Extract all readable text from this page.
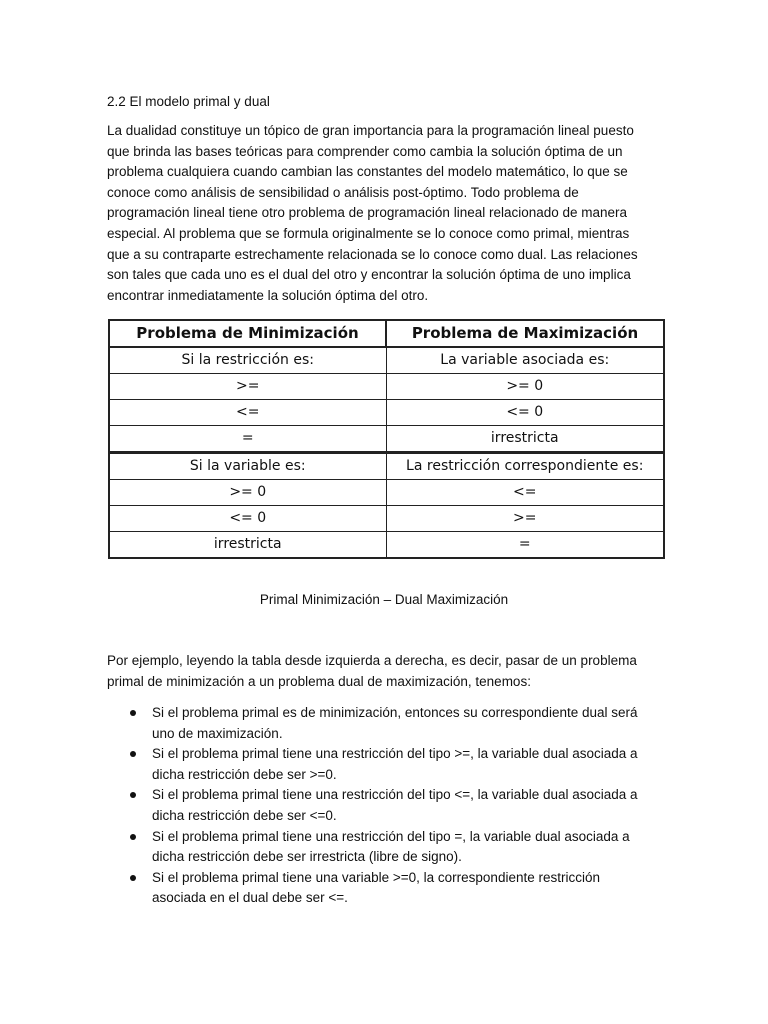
2.2 El modelo primal y dual

La dualidad constituye un tópico de gran importancia para la programación lineal puesto que brinda las bases teóricas para comprender como cambia la solución óptima de un problema cualquiera cuando cambian las constantes del modelo matemático, lo que se conoce como análisis de sensibilidad o análisis post-óptimo. Todo problema de programación lineal tiene otro problema de programación lineal relacionado de manera especial. Al problema que se formula originalmente se lo conoce como primal, mientras que a su contraparte estrechamente relacionada se lo conoce como dual. Las relaciones son tales que cada uno es el dual del otro y encontrar la solución óptima de uno implica encontrar inmediatamente la solución óptima del otro.

Problema de Minimización	Problema de Maximización
Si la restricción es:	La variable asociada es:
>=	>= 0
<=	<= 0
=	irrestricta
Si la variable es:	La restricción correspondiente es:
>= 0	<=
<= 0	>=
irrestricta	=
Primal Minimización – Dual Maximización

Por ejemplo, leyendo la tabla desde izquierda a derecha, es decir, pasar de un problema primal de minimización a un problema dual de maximización, tenemos:

Si el problema primal es de minimización, entonces su correspondiente dual será uno de maximización.
Si el problema primal tiene una restricción del tipo >=, la variable dual asociada a dicha restricción debe ser >=0.
Si el problema primal tiene una restricción del tipo <=, la variable dual asociada a dicha restricción debe ser <=0.
Si el problema primal tiene una restricción del tipo =, la variable dual asociada a dicha restricción debe ser irrestricta (libre de signo).
Si el problema primal tiene una variable >=0, la correspondiente restricción asociada en el dual debe ser <=.
